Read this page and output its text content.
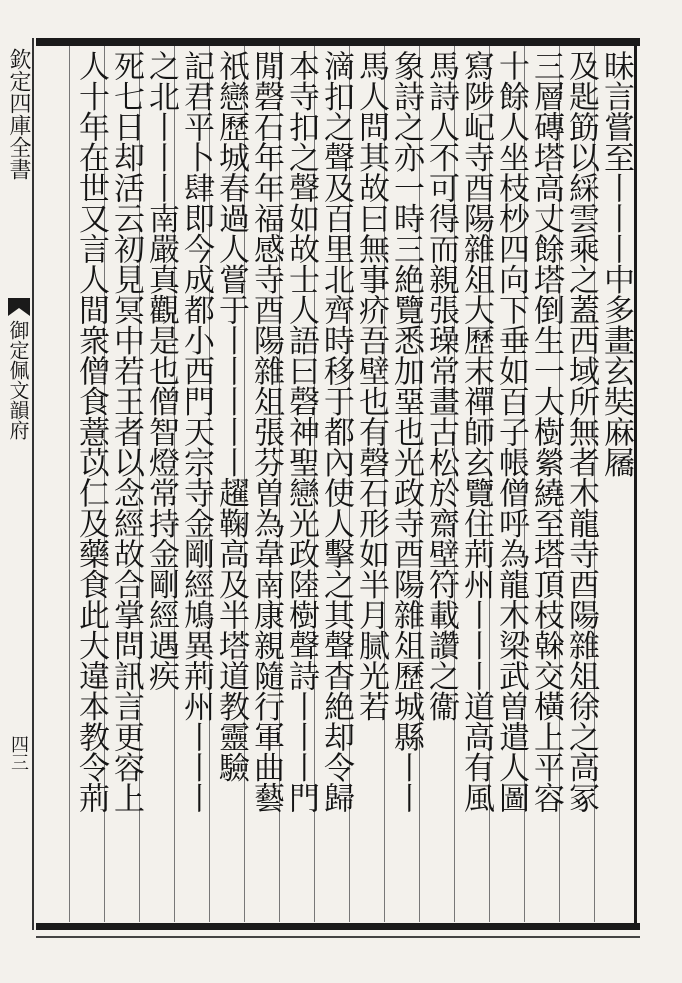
欽定四庫全書
御定佩文韻府
四三
昧言嘗至丨丨丨中多畫玄奘麻屩
及匙筯以綵雲乘之蓋西域所無者木龍寺酉陽雜俎徐之高冢
三層磚塔高丈餘塔倒生一大樹縈繞至塔頂枝榦交橫上平容
十餘人坐枝杪四向下垂如百子帳僧呼為龍木梁武曽遣人圖
寫陟屺寺酉陽雜俎大歷末禪師玄覽住荊州丨丨丨道高有風
馬詩人不可得而親張璪常畫古松於齋壁符載讚之衞
象詩之亦一時三絶覽悉加堊也光政寺酉陽雜俎歷城縣丨丨
馬人問其故曰無事疥吾壁也有磬石形如半月腻光若
滴扣之聲及百里北齊時移于都內使人擊之其聲杳絶却令歸
本寺扣之聲如故士人語曰磬神聖戀光政陸樹聲詩丨丨丨門
閒磬石年年福感寺酉陽雜俎張芬曽為韋南康親隨行軍曲藝
祇戀歷城春過人嘗于丨丨丨丨丨趯鞠高及半塔道教靈驗
記君平卜肆即今成都小西門天宗寺金剛經鳩異荊州丨丨丨
之北丨丨丨南嚴真觀是也僧智燈常持金剛經遇疾
死七日却活云初見冥中若王者以念經故合掌問訊言更容上
人十年在世又言人間衆僧食薏苡仁及藥食此大違本教令荊
